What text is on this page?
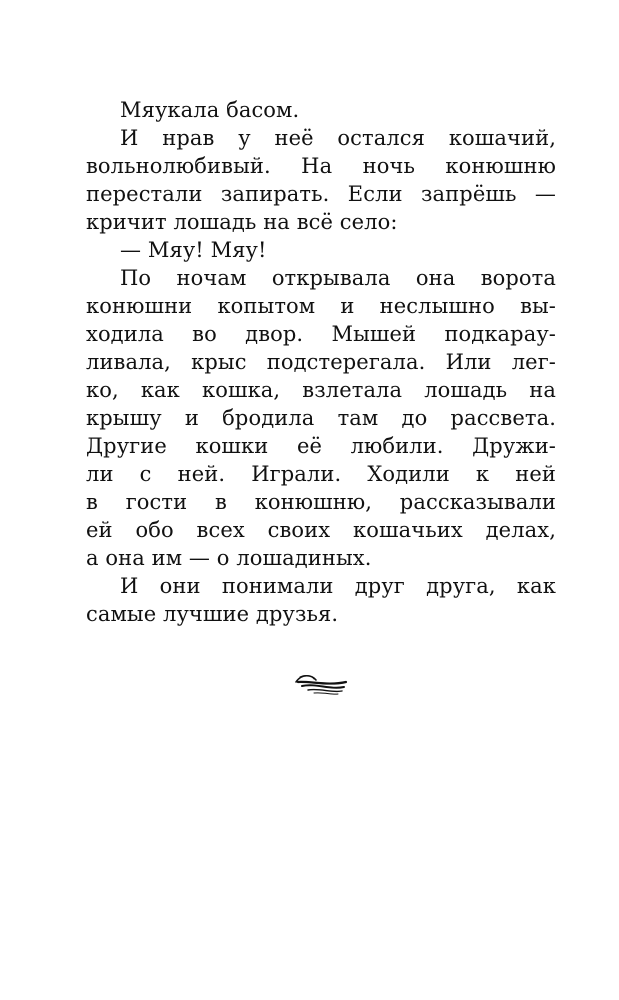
Мяукала басом.
И нрав у неё остался кошачий,
вольнолюбивый. На ночь конюшню
перестали запирать. Если запрёшь —
кричит лошадь на всё село:
— Мяу! Мяу!
По ночам открывала она ворота
конюшни копытом и неслышно вы-
ходила во двор. Мышей подкарау-
ливала, крыс подстерегала. Или лег-
ко, как кошка, взлетала лошадь на
крышу и бродила там до рассвета.
Другие кошки её любили. Дружи-
ли с ней. Играли. Ходили к ней
в гости в конюшню, рассказывали
ей обо всех своих кошачьих делах,
а она им — о лошадиных.
И они понимали друг друга, как
самые лучшие друзья.
